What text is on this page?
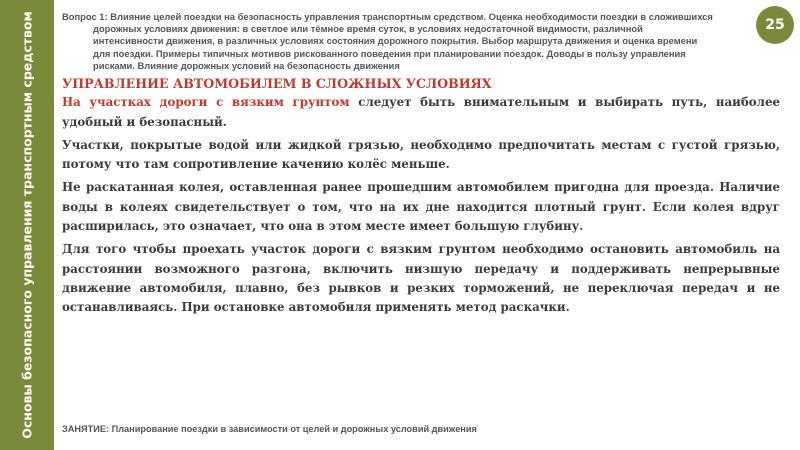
Основы безопасного управления транспортным средством	Вопрос 1: Влияние целей поездки на безопасность управления транспортным средством. Оценка необходимости поездки в сложившихся
дорожных условиях движения: в светлое или тёмное время суток, в условиях недостаточной видимости, различной
интенсивности движения, в различных условиях состояния дорожного покрытия. Выбор маршрута движения и оценка времени
для поездки. Примеры типичных мотивов рискованного поведения при планировании поездок. Доводы в пользу управления
рисками. Влияние дорожных условий на безопасность движения
25
УПРАВЛЕНИЕ АВТОМОБИЛЕМ В СЛОЖНЫХ УСЛОВИЯХ

На участках дороги с вязким грунтом следует быть внимательным и выбирать путь, наиболее удобный и безопасный.

Участки, покрытые водой или жидкой грязью, необходимо предпочитать местам с густой грязью, потому что там сопротивление качению колёс меньше.

Не раскатанная колея, оставленная ранее прошедшим автомобилем пригодна для проезда. Наличие воды в колеях свидетельствует о том, что на их дне находится плотный грунт. Если колея вдруг расширилась, это означает, что она в этом месте имеет большую глубину.

Для того чтобы проехать участок дороги с вязким грунтом необходимо остановить автомобиль на расстоянии возможного разгона, включить низшую передачу и поддерживать непрерывные движение автомобиля, плавно, без рывков и резких торможений, не переключая передач и не останавливаясь. При остановке автомобиля применять метод раскачки.

ЗАНЯТИЕ: Планирование поездки в зависимости от целей и дорожных условий движения
